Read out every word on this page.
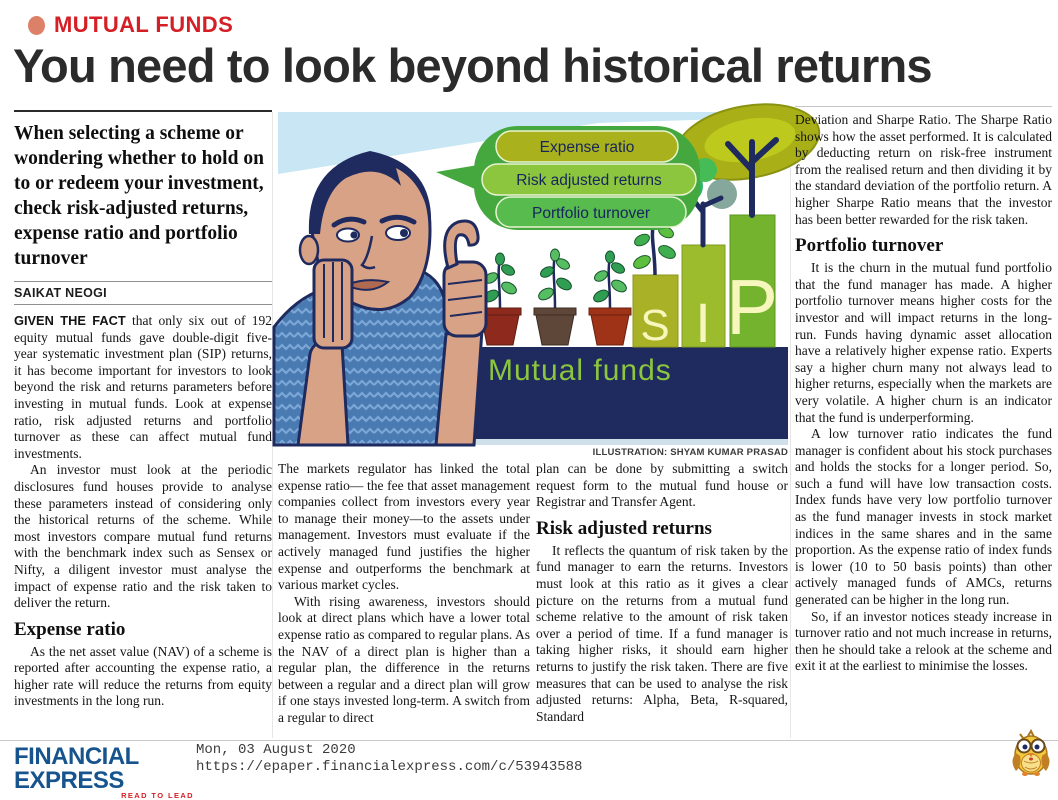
MUTUAL FUNDS
You need to look beyond historical returns
When selecting a scheme or wondering whether to hold on to or redeem your investment, check risk-adjusted returns, expense ratio and portfolio turnover
SAIKAT NEOGI

GIVEN THE FACT that only six out of 192 equity mutual funds gave double-digit five-year systematic investment plan (SIP) returns, it has become important for investors to look beyond the risk and returns parameters before investing in mutual funds. Look at expense ratio, risk adjusted returns and portfolio turnover as these can affect mutual fund investments.

An investor must look at the periodic disclosures fund houses provide to analyse these parameters instead of considering only the historical returns of the scheme. While most investors compare mutual fund returns with the benchmark index such as Sensex or Nifty, a diligent investor must analyse the impact of expense ratio and the risk taken to deliver the return.

Expense ratio

As the net asset value (NAV) of a scheme is reported after accounting the expense ratio, a higher rate will reduce the returns from equity investments in the long run.

S I P
Mutual funds
Expense ratio
Risk adjusted returns
Portfolio turnover
ILLUSTRATION: SHYAM KUMAR PRASAD

The markets regulator has linked the total expense ratio— the fee that asset management companies collect from investors every year to manage their money—to the assets under management. Investors must evaluate if the actively managed fund justifies the higher expense and outperforms the benchmark at various market cycles.

With rising awareness, investors should look at direct plans which have a lower total expense ratio as compared to regular plans. As the NAV of a direct plan is higher than a regular plan, the difference in the returns between a regular and a direct plan will grow if one stays invested long-term. A switch from a regular to direct

plan can be done by submitting a switch request form to the mutual fund house or Registrar and Transfer Agent.

Risk adjusted returns

It reflects the quantum of risk taken by the fund manager to earn the returns. Investors must look at this ratio as it gives a clear picture on the returns from a mutual fund scheme relative to the amount of risk taken over a period of time. If a fund manager is taking higher risks, it should earn higher returns to justify the risk taken. There are five measures that can be used to analyse the risk adjusted returns: Alpha, Beta, R-squared, Standard

Deviation and Sharpe Ratio. The Sharpe Ratio shows how the asset performed. It is calculated by deducting return on risk-free instrument from the realised return and then dividing it by the standard deviation of the portfolio return. A higher Sharpe Ratio means that the investor has been better rewarded for the risk taken.

Portfolio turnover

It is the churn in the mutual fund portfolio that the fund manager has made. A higher portfolio turnover means higher costs for the investor and will impact returns in the long-run. Funds having dynamic asset allocation have a relatively higher expense ratio. Experts say a higher churn many not always lead to higher returns, especially when the markets are very volatile. A higher churn is an indicator that the fund is underperforming.

A low turnover ratio indicates the fund manager is confident about his stock purchases and holds the stocks for a longer period. So, such a fund will have low transaction costs. Index funds have very low portfolio turnover as the fund manager invests in stock market indices in the same shares and in the same proportion. As the expense ratio of index funds is lower (10 to 50 basis points) than other actively managed funds of AMCs, returns generated can be higher in the long run.

So, if an investor notices steady increase in turnover ratio and not much increase in returns, then he should take a relook at the scheme and exit it at the earliest to minimise the losses.

FINANCIAL EXPRESS
READ TO LEAD
Mon, 03 August 2020
https://epaper.financialexpress.com/c/53943588
